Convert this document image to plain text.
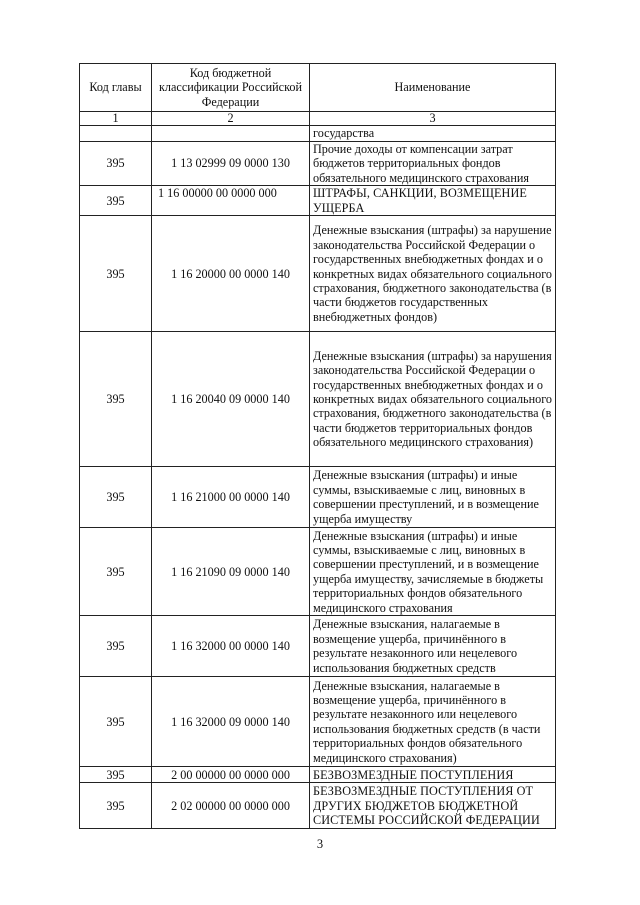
Код главы	Код бюджетной классификации Российской Федерации	Наименование
1	2	3
		государства
395	1 13 02999 09 0000 130	Прочие доходы от компенсации затрат бюджетов территориальных фондов обязательного медицинского страхования
395	1 16 00000 00 0000 000	ШТРАФЫ, САНКЦИИ, ВОЗМЕЩЕНИЕ УЩЕРБА
395	1 16 20000 00 0000 140	Денежные взыскания (штрафы) за нарушение законодательства Российской Федерации о государственных внебюджетных фондах и о конкретных видах обязательного социального страхования, бюджетного законодательства (в части бюджетов государственных внебюджетных фондов)
395	1 16 20040 09 0000 140	Денежные взыскания (штрафы) за нарушения законодательства Российской Федерации о государственных внебюджетных фондах и о конкретных видах обязательного социального страхования, бюджетного законодательства (в части бюджетов территориальных фондов обязательного медицинского страхования)
395	1 16 21000 00 0000 140	Денежные взыскания (штрафы) и иные суммы, взыскиваемые с лиц, виновных в совершении преступлений, и в возмещение ущерба имуществу
395	1 16 21090 09 0000 140	Денежные взыскания (штрафы) и иные суммы, взыскиваемые с лиц, виновных в совершении преступлений, и в возмещение ущерба имуществу, зачисляемые в бюджеты территориальных фондов обязательного медицинского страхования
395	1 16 32000 00 0000 140	Денежные взыскания, налагаемые в возмещение ущерба, причинённого в результате незаконного или нецелевого использования бюджетных средств
395	1 16 32000 09 0000 140	Денежные взыскания, налагаемые в возмещение ущерба, причинённого в результате незаконного или нецелевого использования бюджетных средств (в части территориальных фондов обязательного медицинского страхования)
395	2 00 00000 00 0000 000	БЕЗВОЗМЕЗДНЫЕ ПОСТУПЛЕНИЯ
395	2 02 00000 00 0000 000	БЕЗВОЗМЕЗДНЫЕ ПОСТУПЛЕНИЯ ОТ ДРУГИХ БЮДЖЕТОВ БЮДЖЕТНОЙ СИСТЕМЫ РОССИЙСКОЙ ФЕДЕРАЦИИ
3
